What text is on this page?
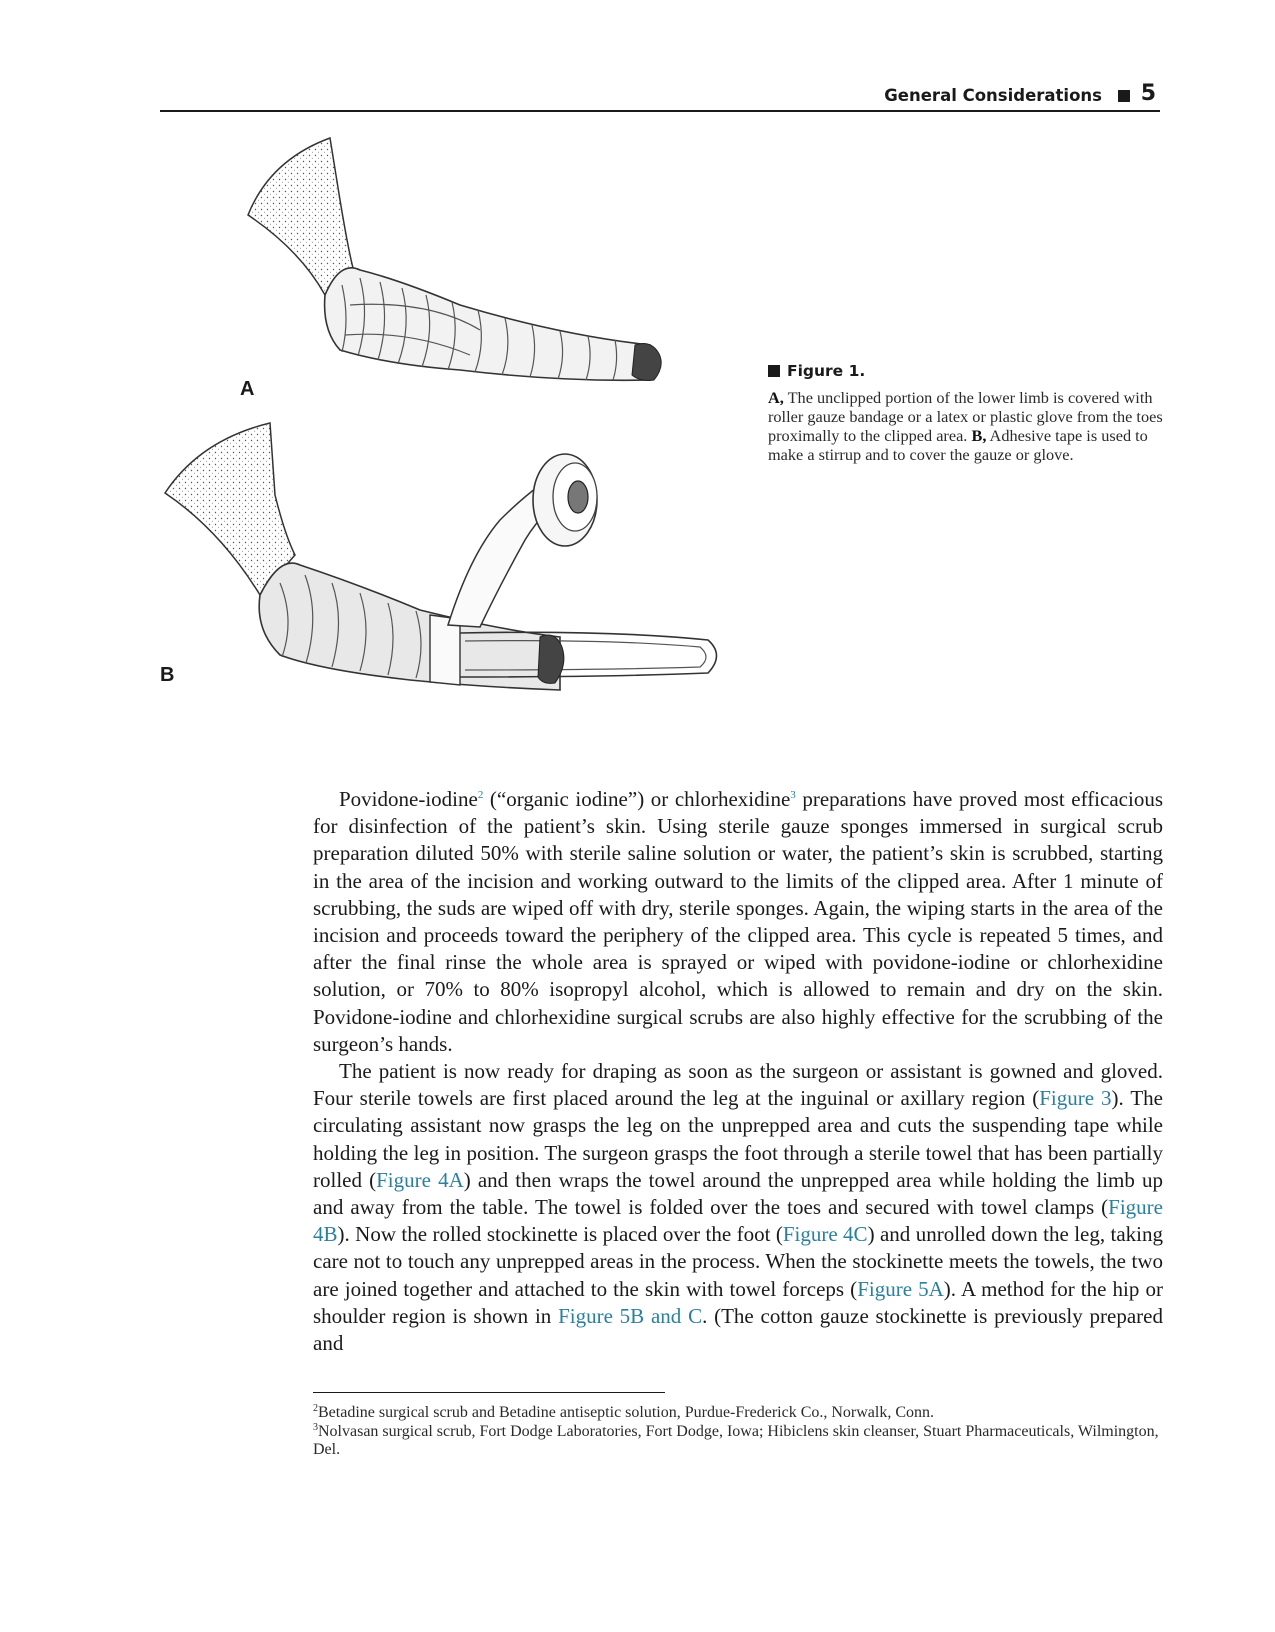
General Considerations 5
A
B
Figure 1.
A, The unclipped portion of the lower limb is covered with roller gauze bandage or a latex or plastic glove from the toes proximally to the clipped area. B, Adhesive tape is used to make a stirrup and to cover the gauze or glove.

Povidone-iodine$^2$ (“organic iodine”) or chlorhexidine$^3$ preparations have proved most efficacious for disinfection of the patient’s skin. Using sterile gauze sponges immersed in surgical scrub preparation diluted 50% with sterile saline solution or water, the patient’s skin is scrubbed, starting in the area of the incision and working outward to the limits of the clipped area. After 1 minute of scrubbing, the suds are wiped off with dry, sterile sponges. Again, the wiping starts in the area of the incision and proceeds toward the periphery of the clipped area. This cycle is repeated 5 times, and after the final rinse the whole area is sprayed or wiped with povidone-iodine or chlorhexidine solution, or 70% to 80% isopropyl alcohol, which is allowed to remain and dry on the skin. Povidone-iodine and chlorhexidine surgical scrubs are also highly effective for the scrubbing of the surgeon’s hands.

The patient is now ready for draping as soon as the surgeon or assistant is gowned and gloved. Four sterile towels are first placed around the leg at the inguinal or axillary region (Figure 3). The circulating assistant now grasps the leg on the unprepped area and cuts the suspending tape while holding the leg in position. The surgeon grasps the foot through a sterile towel that has been partially rolled (Figure 4A) and then wraps the towel around the unprepped area while holding the limb up and away from the table. The towel is folded over the toes and secured with towel clamps (Figure 4B). Now the rolled stockinette is placed over the foot (Figure 4C) and unrolled down the leg, taking care not to touch any unprepped areas in the process. When the stockinette meets the towels, the two are joined together and attached to the skin with towel forceps (Figure 5A). A method for the hip or shoulder region is shown in Figure 5B and C. (The cotton gauze stockinette is previously prepared and

$^2$Betadine surgical scrub and Betadine antiseptic solution, Purdue-Frederick Co., Norwalk, Conn.
$^3$Nolvasan surgical scrub, Fort Dodge Laboratories, Fort Dodge, Iowa; Hibiclens skin cleanser, Stuart Pharmaceuticals, Wilmington, Del.
